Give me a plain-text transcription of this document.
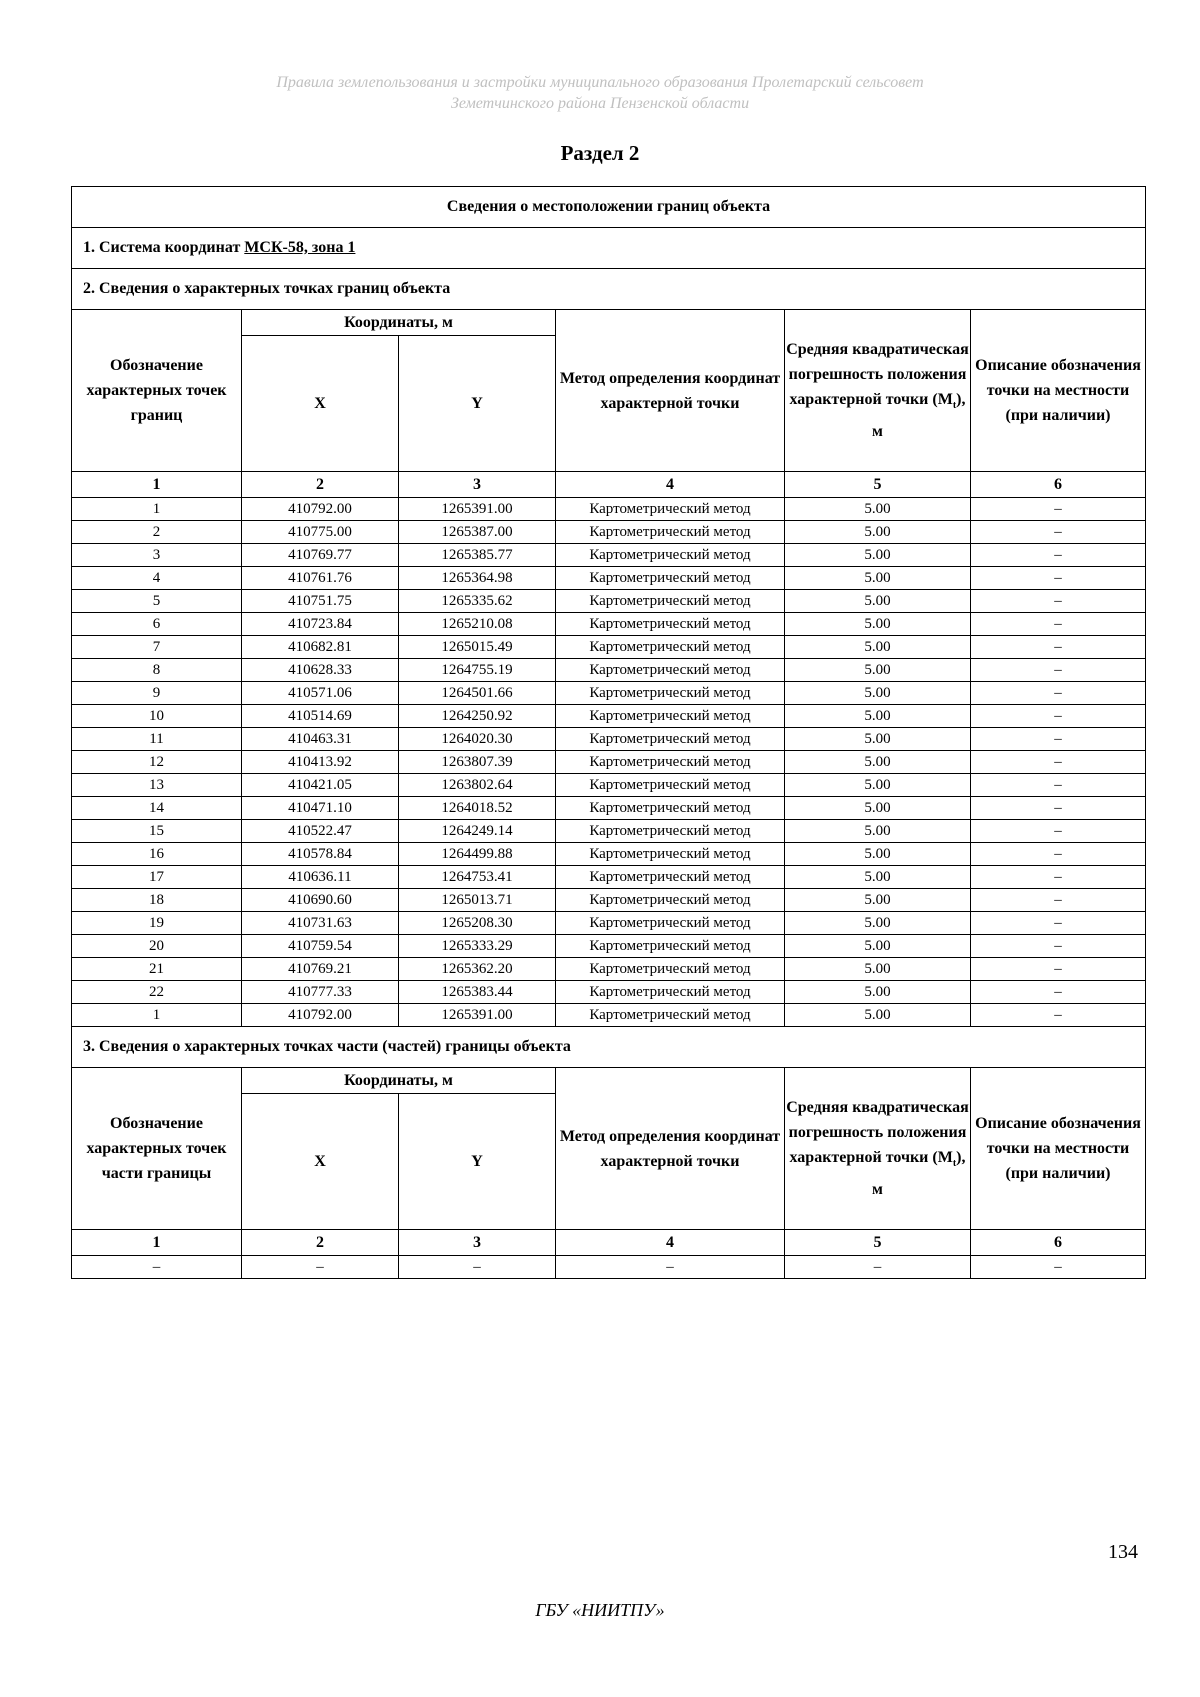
Правила землепользования и застройки муниципального образования Пролетарский сельсовет
Земетчинского района Пензенской области
Раздел 2
Сведения о местоположении границ объекта					
1. Система координат МСК-58, зона 1					
2. Сведения о характерных точках границ объекта					
Обозначение характерных точек границ	Координаты, м		Метод определения координат характерной точки	Средняя квадратическая погрешность положения характерной точки $(M_t)$, м	Описание обозначения точки на местности (при наличии)
	X	Y			
1	2	3	4	5	6
1	410792.00	1265391.00	Картометрический метод	5.00	–
2	410775.00	1265387.00	Картометрический метод	5.00	–
3	410769.77	1265385.77	Картометрический метод	5.00	–
4	410761.76	1265364.98	Картометрический метод	5.00	–
5	410751.75	1265335.62	Картометрический метод	5.00	–
6	410723.84	1265210.08	Картометрический метод	5.00	–
7	410682.81	1265015.49	Картометрический метод	5.00	–
8	410628.33	1264755.19	Картометрический метод	5.00	–
9	410571.06	1264501.66	Картометрический метод	5.00	–
10	410514.69	1264250.92	Картометрический метод	5.00	–
11	410463.31	1264020.30	Картометрический метод	5.00	–
12	410413.92	1263807.39	Картометрический метод	5.00	–
13	410421.05	1263802.64	Картометрический метод	5.00	–
14	410471.10	1264018.52	Картометрический метод	5.00	–
15	410522.47	1264249.14	Картометрический метод	5.00	–
16	410578.84	1264499.88	Картометрический метод	5.00	–
17	410636.11	1264753.41	Картометрический метод	5.00	–
18	410690.60	1265013.71	Картометрический метод	5.00	–
19	410731.63	1265208.30	Картометрический метод	5.00	–
20	410759.54	1265333.29	Картометрический метод	5.00	–
21	410769.21	1265362.20	Картометрический метод	5.00	–
22	410777.33	1265383.44	Картометрический метод	5.00	–
1	410792.00	1265391.00	Картометрический метод	5.00	–
3. Сведения о характерных точках части (частей) границы объекта					
Обозначение характерных точек части границы	Координаты, м		Метод определения координат характерной точки	Средняя квадратическая погрешность положения характерной точки $(M_t)$, м	Описание обозначения точки на местности (при наличии)
	X	Y			
1	2	3	4	5	6
–	–	–	–	–	–
134
ГБУ «НИИТПУ»
